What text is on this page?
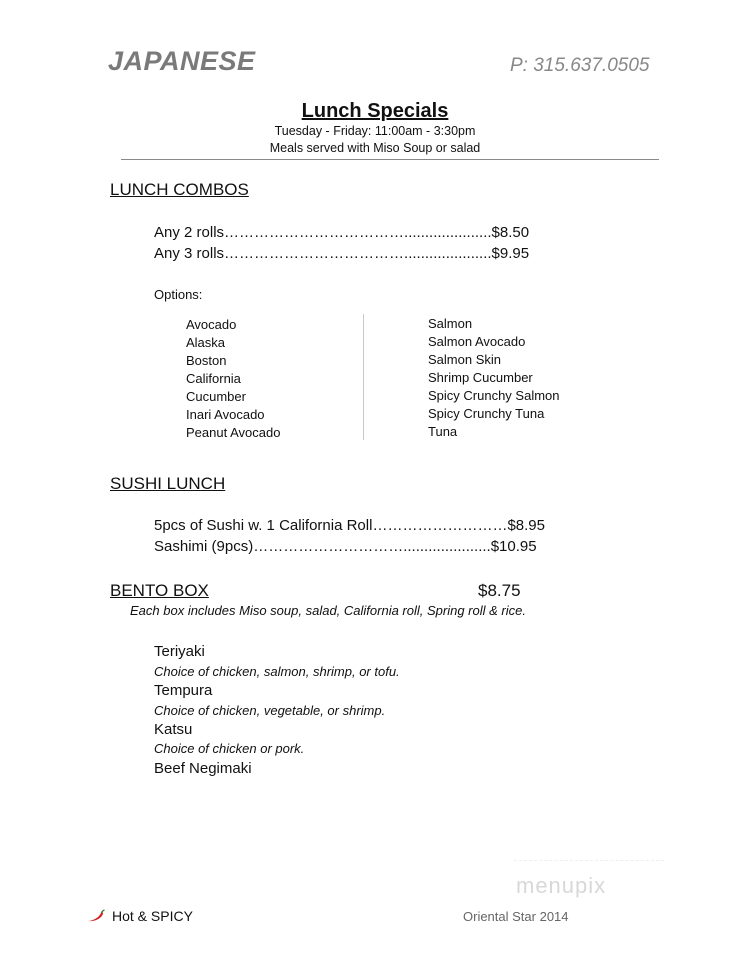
JAPANESE	P: 315.637.0505
Lunch Specials
Tuesday - Friday: 11:00am - 3:30pm
Meals served with Miso Soup or salad
LUNCH COMBOS
Any 2 rolls……………………………….....................$8.50
Any 3 rolls……………………………….....................$9.95
Options:
Avocado
Alaska
Boston
California
Cucumber
Inari Avocado
Peanut Avocado
Salmon
Salmon Avocado
Salmon Skin
Shrimp Cucumber
Spicy Crunchy Salmon
Spicy Crunchy Tuna
Tuna
SUSHI LUNCH
5pcs of Sushi w. 1 California Roll………………………$8.95
Sashimi (9pcs)………………………….....................$10.95
BENTO BOX	$8.75
Each box includes Miso soup, salad, California roll, Spring roll & rice.
Teriyaki
Choice of chicken, salmon, shrimp, or tofu.
Tempura
Choice of chicken, vegetable, or shrimp.
Katsu
Choice of chicken or pork.
Beef Negimaki
menupix
Hot & SPICY	Oriental Star 2014
